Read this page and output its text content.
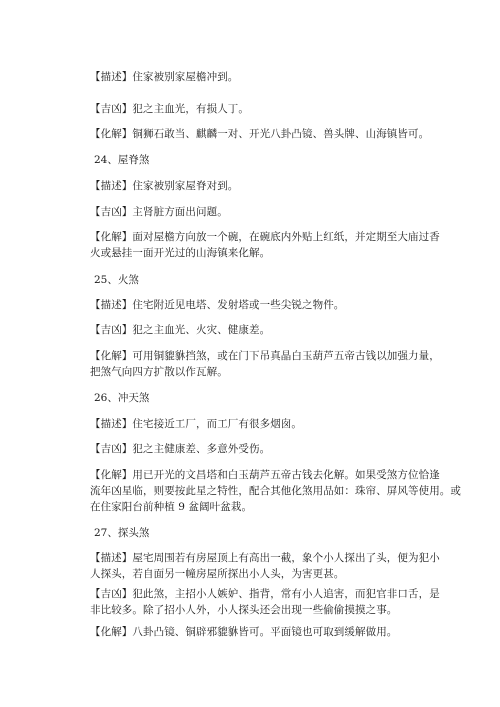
【描述】住家被别家屋檐冲到。
【吉凶】犯之主血光，有损人丁。
【化解】铜狮石敢当、麒麟一对、开光八卦凸镜、兽头牌、山海镇皆可。
24、屋脊煞
【描述】住家被别家屋脊对到。
【吉凶】主肾脏方面出问题。
【化解】面对屋檐方向放一个碗，在碗底内外贴上红纸，并定期至大庙过香
火或悬挂一面开光过的山海镇来化解。
25、火煞
【描述】住宅附近见电塔、发射塔或一些尖锐之物件。
【吉凶】犯之主血光、火灾、健康差。
【化解】可用铜貔貅挡煞，或在门下吊真晶白玉葫芦五帝古钱以加强力量，
把煞气向四方扩散以作瓦解。
26、冲天煞
【描述】住宅接近工厂，而工厂有很多烟囱。
【吉凶】犯之主健康差、多意外受伤。
【化解】用已开光的文昌塔和白玉葫芦五帝古钱去化解。如果受煞方位恰逢
流年凶星临，则要按此星之特性，配合其他化煞用品如：珠帘、屏风等使用。或
在住家阳台前种植 9 盆阔叶盆栽。
27、探头煞
【描述】屋宅周围若有房屋顶上有高出一截，象个小人探出了头，便为犯小
人探头，若自面另一幢房屋所探出小人头，为害更甚。
【吉凶】犯此煞，主招小人嫉妒、指背，常有小人追害，而犯官非口舌，是
非比较多。除了招小人外，小人探头还会出现一些偷偷摸摸之事。
【化解】八卦凸镜、铜辟邪貔貅皆可。平面镜也可取到缓解做用。
